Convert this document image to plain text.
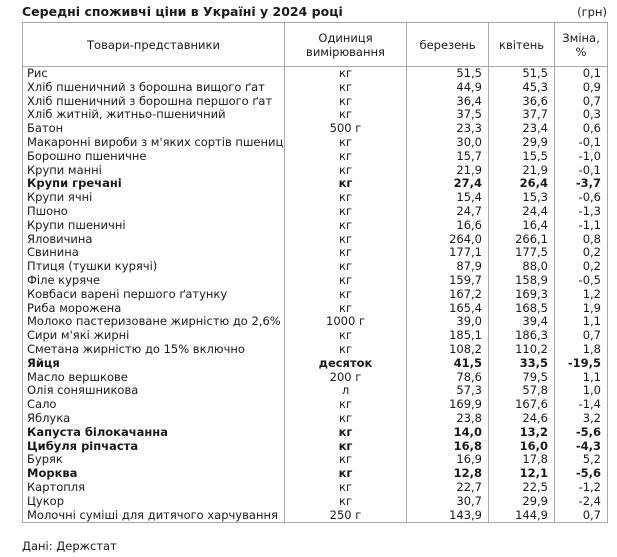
Середні споживчі ціни в Україні у 2024 році	(грн)
Товари-представники	Одиниця вимірювання	березень	квітень	Зміна, %
Рис	кг	51,5	51,5	0,1
Хліб пшеничний з борошна вищого ґат	кг	44,9	45,3	0,9
Хліб пшеничний з борошна першого ґат	кг	36,4	36,6	0,7
Хліб житній, житньо-пшеничний	кг	37,5	37,7	0,3
Батон	500 г	23,3	23,4	0,6
Макаронні вироби з м'яких сортів пшениц	кг	30,0	29,9	-0,1
Борошно пшеничне	кг	15,7	15,5	-1,0
Крупи манні	кг	21,9	21,9	-0,1
Крупи гречані	кг	27,4	26,4	-3,7
Крупи ячні	кг	15,4	15,3	-0,6
Пшоно	кг	24,7	24,4	-1,3
Крупи пшеничні	кг	16,6	16,4	-1,1
Яловичина	кг	264,0	266,1	0,8
Свинина	кг	177,1	177,5	0,2
Птиця (тушки курячі)	кг	87,9	88,0	0,2
Філе куряче	кг	159,7	158,9	-0,5
Ковбаси варені першого ґатунку	кг	167,2	169,3	1,2
Риба морожена	кг	165,4	168,5	1,9
Молоко пастеризоване жирністю до 2,6%	1000 г	39,0	39,4	1,1
Сири м'які жирні	кг	185,1	186,3	0,7
Сметана жирністю до 15% включно	кг	108,2	110,2	1,8
Яйця	десяток	41,5	33,5	-19,5
Масло вершкове	200 г	78,6	79,5	1,1
Олія соняшникова	л	57,3	57,8	1,0
Сало	кг	169,9	167,6	-1,4
Яблука	кг	23,8	24,6	3,2
Капуста білокачанна	кг	14,0	13,2	-5,6
Цибуля ріпчаста	кг	16,8	16,0	-4,3
Буряк	кг	16,9	17,8	5,2
Морква	кг	12,8	12,1	-5,6
Картопля	кг	22,7	22,5	-1,2
Цукор	кг	30,7	29,9	-2,4
Молочні суміші для дитячого харчування	250 г	143,9	144,9	0,7
Дані: Держстат
